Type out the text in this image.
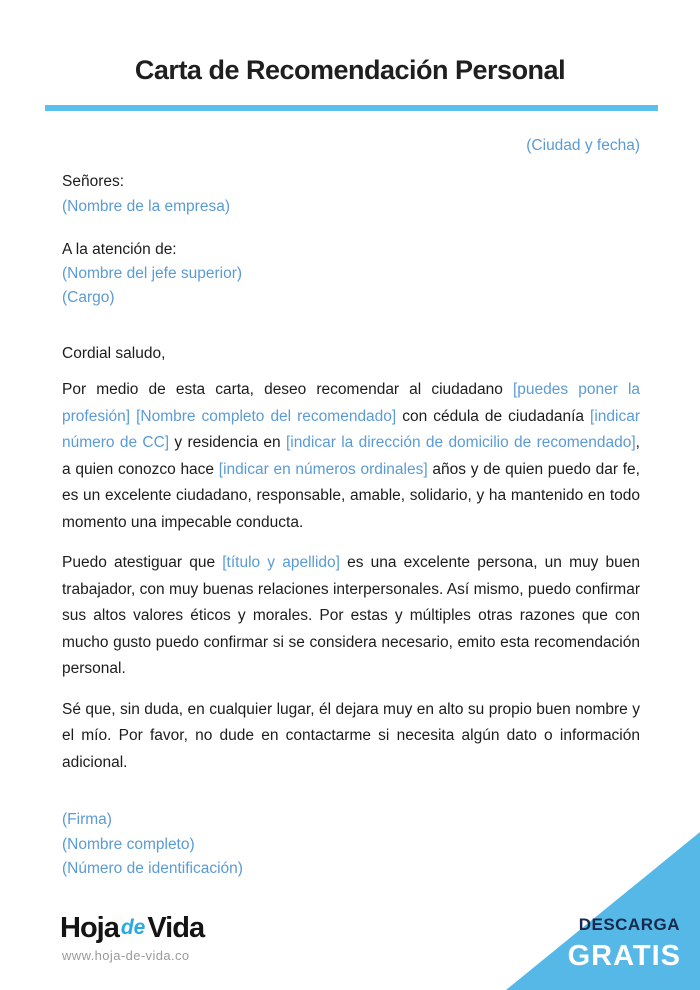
Carta de Recomendación Personal

(Ciudad y fecha)

Señores:
(Nombre de la empresa)
A la atención de:
(Nombre del jefe superior)
(Cargo)

Cordial saludo,

Por medio de esta carta, deseo recomendar al ciudadano [puedes poner la profesión] [Nombre completo del recomendado] con cédula de ciudadanía [indicar número de CC] y residencia en [indicar la dirección de domicilio de recomendado], a quien conozco hace [indicar en números ordinales] años y de quien puedo dar fe, es un excelente ciudadano, responsable, amable, solidario, y ha mantenido en todo momento una impecable conducta.

Puedo atestiguar que [título y apellido] es una excelente persona, un muy buen trabajador, con muy buenas relaciones interpersonales. Así mismo, puedo confirmar sus altos valores éticos y morales. Por estas y múltiples otras razones que con mucho gusto puedo confirmar si se considera necesario, emito esta recomendación personal.

Sé que, sin duda, en cualquier lugar, él dejara muy en alto su propio buen nombre y el mío. Por favor, no dude en contactarme si necesita algún dato o información adicional.

(Firma)
(Nombre completo)
(Número de identificación)
HojadeVida
www.hoja-de-vida.co
DESCARGA
GRATIS
